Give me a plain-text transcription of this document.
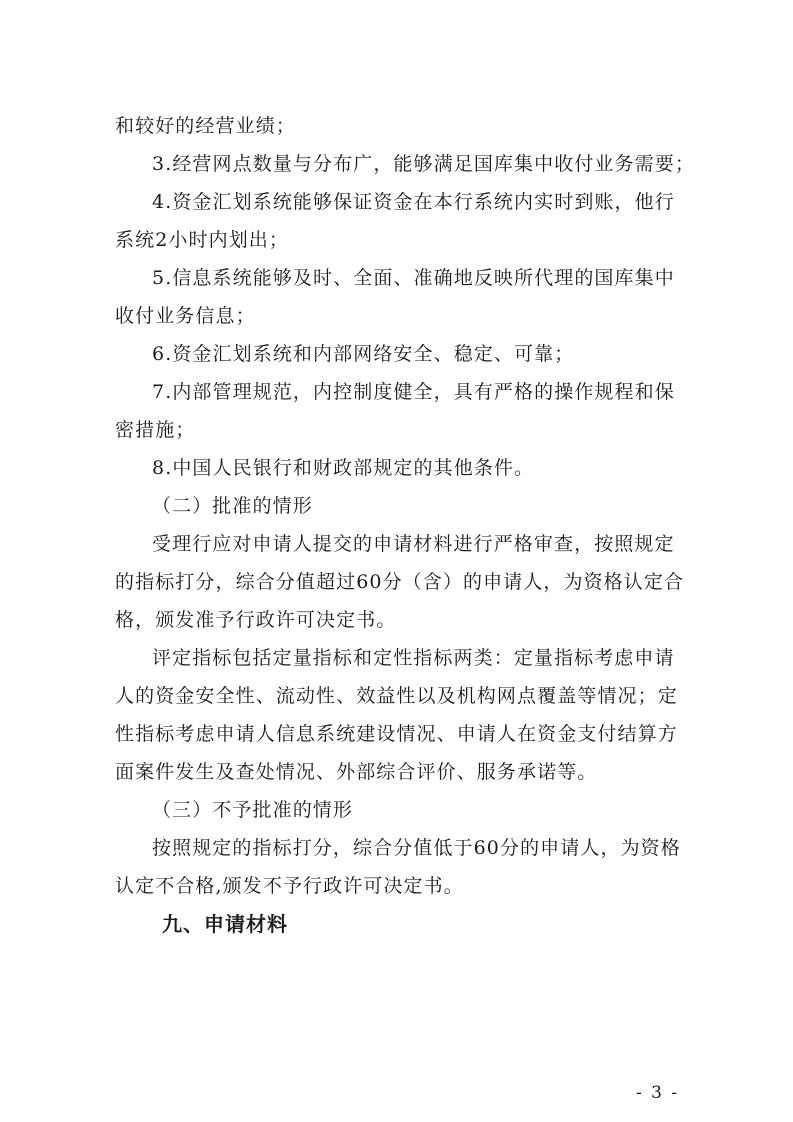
和较好的经营业绩；
3.经营网点数量与分布广，能够满足国库集中收付业务需要；
4.资金汇划系统能够保证资金在本行系统内实时到账，他行
系统2小时内划出；
5.信息系统能够及时、全面、准确地反映所代理的国库集中
收付业务信息；
6.资金汇划系统和内部网络安全、稳定、可靠；
7.内部管理规范，内控制度健全，具有严格的操作规程和保
密措施；
8.中国人民银行和财政部规定的其他条件。
（二）批准的情形
受理行应对申请人提交的申请材料进行严格审查，按照规定
的指标打分，综合分值超过60分（含）的申请人，为资格认定合
格，颁发准予行政许可决定书。
评定指标包括定量指标和定性指标两类：定量指标考虑申请
人的资金安全性、流动性、效益性以及机构网点覆盖等情况；定
性指标考虑申请人信息系统建设情况、申请人在资金支付结算方
面案件发生及查处情况、外部综合评价、服务承诺等。
（三）不予批准的情形
按照规定的指标打分，综合分值低于60分的申请人，为资格
认定不合格,颁发不予行政许可决定书。
九、申请材料
- 3 -
